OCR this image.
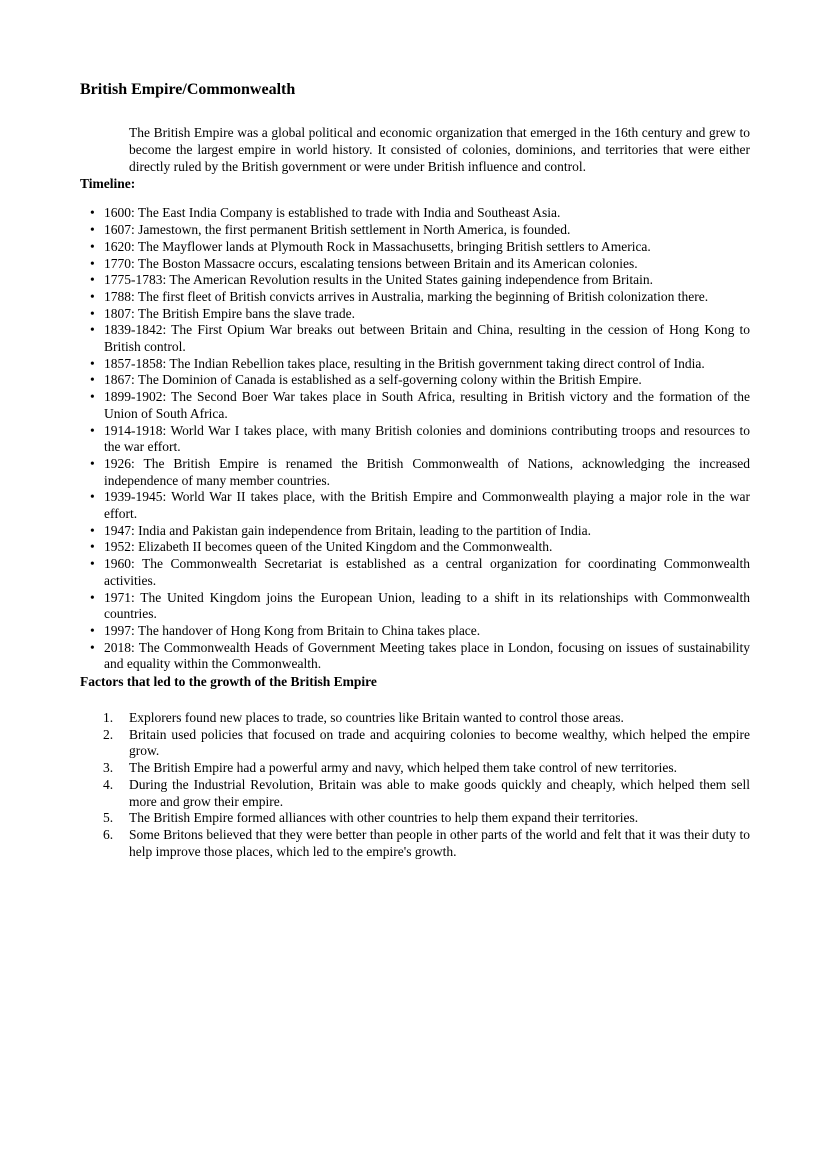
British Empire/Commonwealth

The British Empire was a global political and economic organization that emerged in the 16th century and grew to become the largest empire in world history. It consisted of colonies, dominions, and territories that were either directly ruled by the British government or were under British influence and control.

Timeline:
• 1600: The East India Company is established to trade with India and Southeast Asia.
• 1607: Jamestown, the first permanent British settlement in North America, is founded.
• 1620: The Mayflower lands at Plymouth Rock in Massachusetts, bringing British settlers to America.
• 1770: The Boston Massacre occurs, escalating tensions between Britain and its American colonies.
• 1775-1783: The American Revolution results in the United States gaining independence from Britain.
• 1788: The first fleet of British convicts arrives in Australia, marking the beginning of British colonization there.
• 1807: The British Empire bans the slave trade.
• 1839-1842: The First Opium War breaks out between Britain and China, resulting in the cession of Hong Kong to British control.
• 1857-1858: The Indian Rebellion takes place, resulting in the British government taking direct control of India.
• 1867: The Dominion of Canada is established as a self-governing colony within the British Empire.
• 1899-1902: The Second Boer War takes place in South Africa, resulting in British victory and the formation of the Union of South Africa.
• 1914-1918: World War I takes place, with many British colonies and dominions contributing troops and resources to the war effort.
• 1926: The British Empire is renamed the British Commonwealth of Nations, acknowledging the increased independence of many member countries.
• 1939-1945: World War II takes place, with the British Empire and Commonwealth playing a major role in the war effort.
• 1947: India and Pakistan gain independence from Britain, leading to the partition of India.
• 1952: Elizabeth II becomes queen of the United Kingdom and the Commonwealth.
• 1960: The Commonwealth Secretariat is established as a central organization for coordinating Commonwealth activities.
• 1971: The United Kingdom joins the European Union, leading to a shift in its relationships with Commonwealth countries.
• 1997: The handover of Hong Kong from Britain to China takes place.
• 2018: The Commonwealth Heads of Government Meeting takes place in London, focusing on issues of sustainability and equality within the Commonwealth.
Factors that led to the growth of the British Empire
1. Explorers found new places to trade, so countries like Britain wanted to control those areas.
2. Britain used policies that focused on trade and acquiring colonies to become wealthy, which helped the empire grow.
3. The British Empire had a powerful army and navy, which helped them take control of new territories.
4. During the Industrial Revolution, Britain was able to make goods quickly and cheaply, which helped them sell more and grow their empire.
5. The British Empire formed alliances with other countries to help them expand their territories.
6. Some Britons believed that they were better than people in other parts of the world and felt that it was their duty to help improve those places, which led to the empire's growth.
